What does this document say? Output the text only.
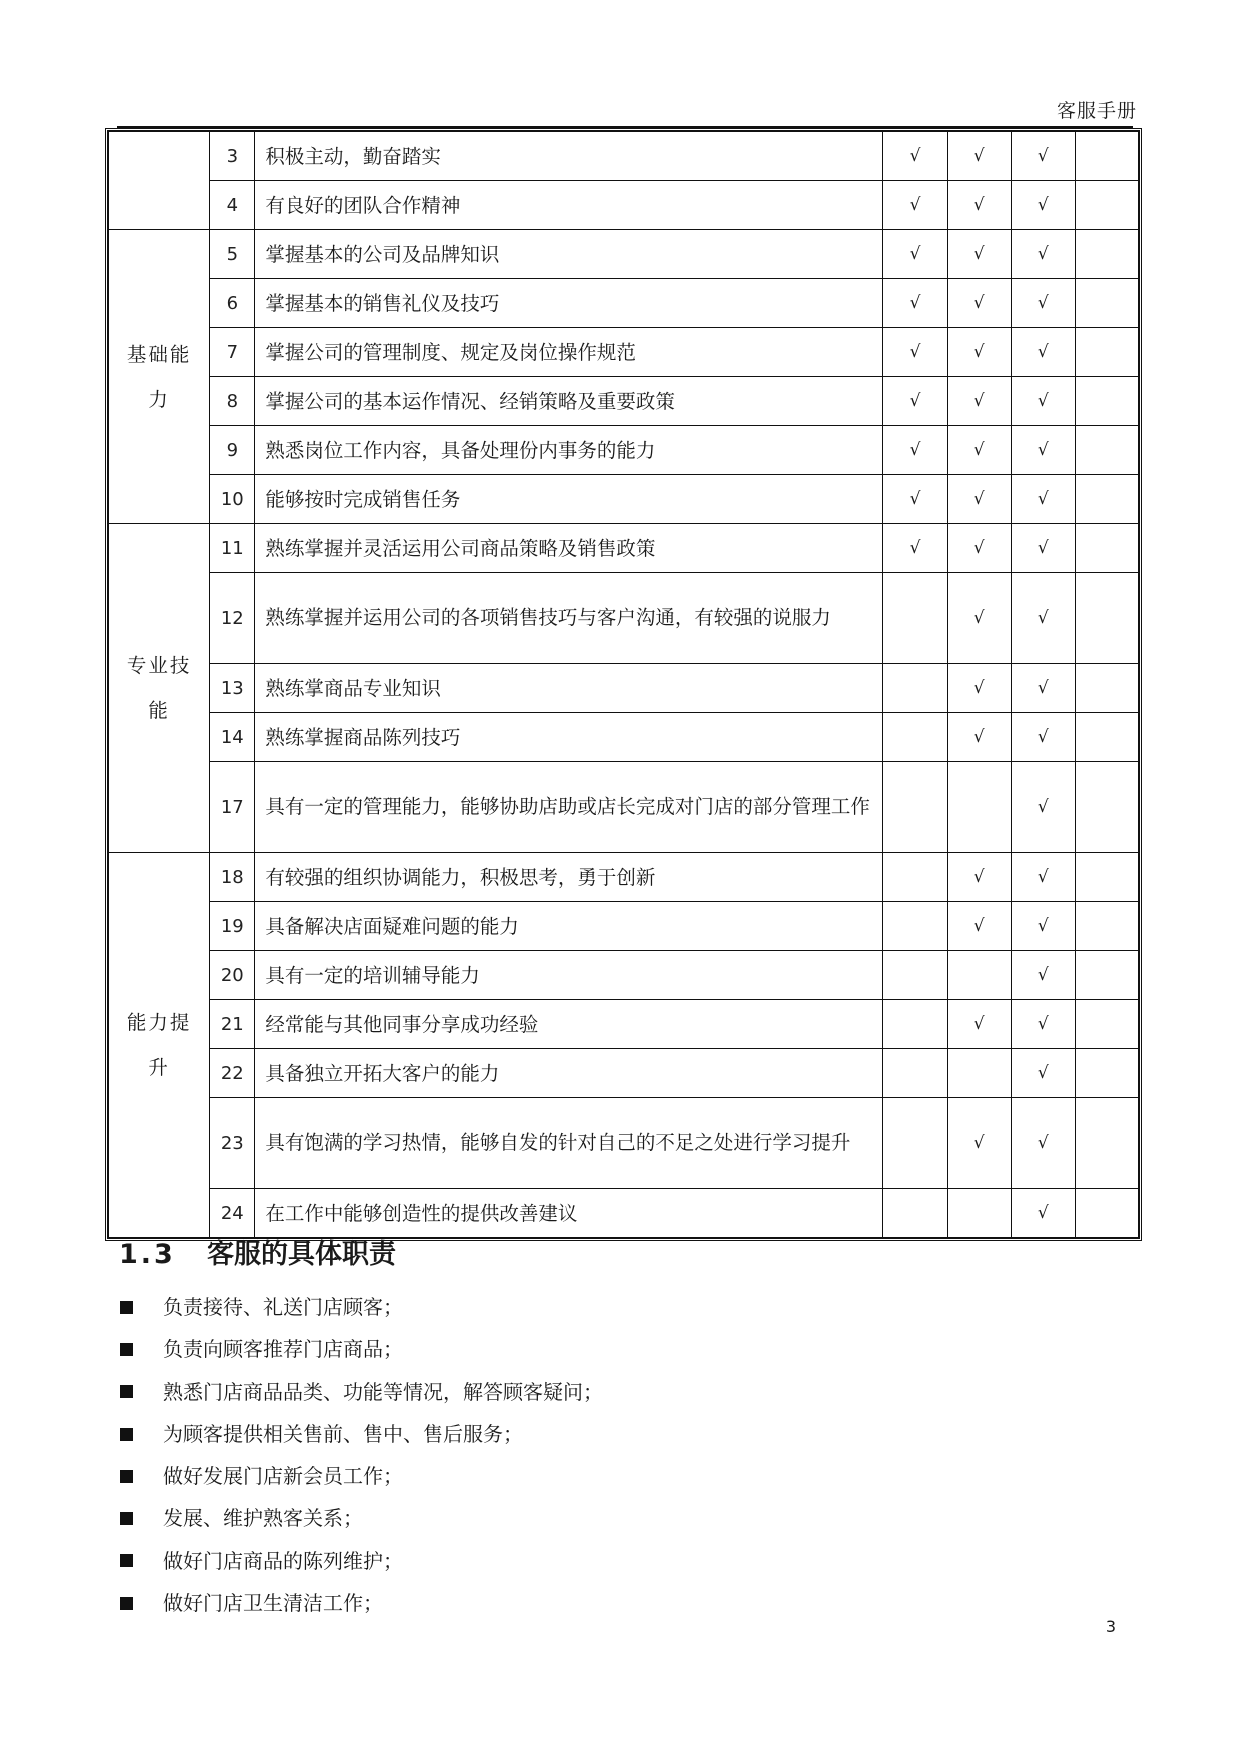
客服手册
	3	积极主动，勤奋踏实	√	√	√	
	4	有良好的团队合作精神	√	√	√	
基础能力	5	掌握基本的公司及品牌知识	√	√	√	
	6	掌握基本的销售礼仪及技巧	√	√	√	
	7	掌握公司的管理制度、规定及岗位操作规范	√	√	√	
	8	掌握公司的基本运作情况、经销策略及重要政策	√	√	√	
	9	熟悉岗位工作内容，具备处理份内事务的能力	√	√	√	
	10	能够按时完成销售任务	√	√	√	
专业技能	11	熟练掌握并灵活运用公司商品策略及销售政策	√	√	√	
	12	熟练掌握并运用公司的各项销售技巧与客户沟通，有较强的说服力		√	√	
	13	熟练掌商品专业知识		√	√	
	14	熟练掌握商品陈列技巧		√	√	
	17	具有一定的管理能力，能够协助店助或店长完成对门店的部分管理工作			√	
能力提升	18	有较强的组织协调能力，积极思考，勇于创新		√	√	
	19	具备解决店面疑难问题的能力		√	√	
	20	具有一定的培训辅导能力			√	
	21	经常能与其他同事分享成功经验		√	√	
	22	具备独立开拓大客户的能力			√	
	23	具有饱满的学习热情，能够自发的针对自己的不足之处进行学习提升		√	√	
	24	在工作中能够创造性的提供改善建议			√	
1.3 客服的具体职责
负责接待、礼送门店顾客；
负责向顾客推荐门店商品；
熟悉门店商品品类、功能等情况，解答顾客疑问；
为顾客提供相关售前、售中、售后服务；
做好发展门店新会员工作；
发展、维护熟客关系；
做好门店商品的陈列维护；
做好门店卫生清洁工作；
3
